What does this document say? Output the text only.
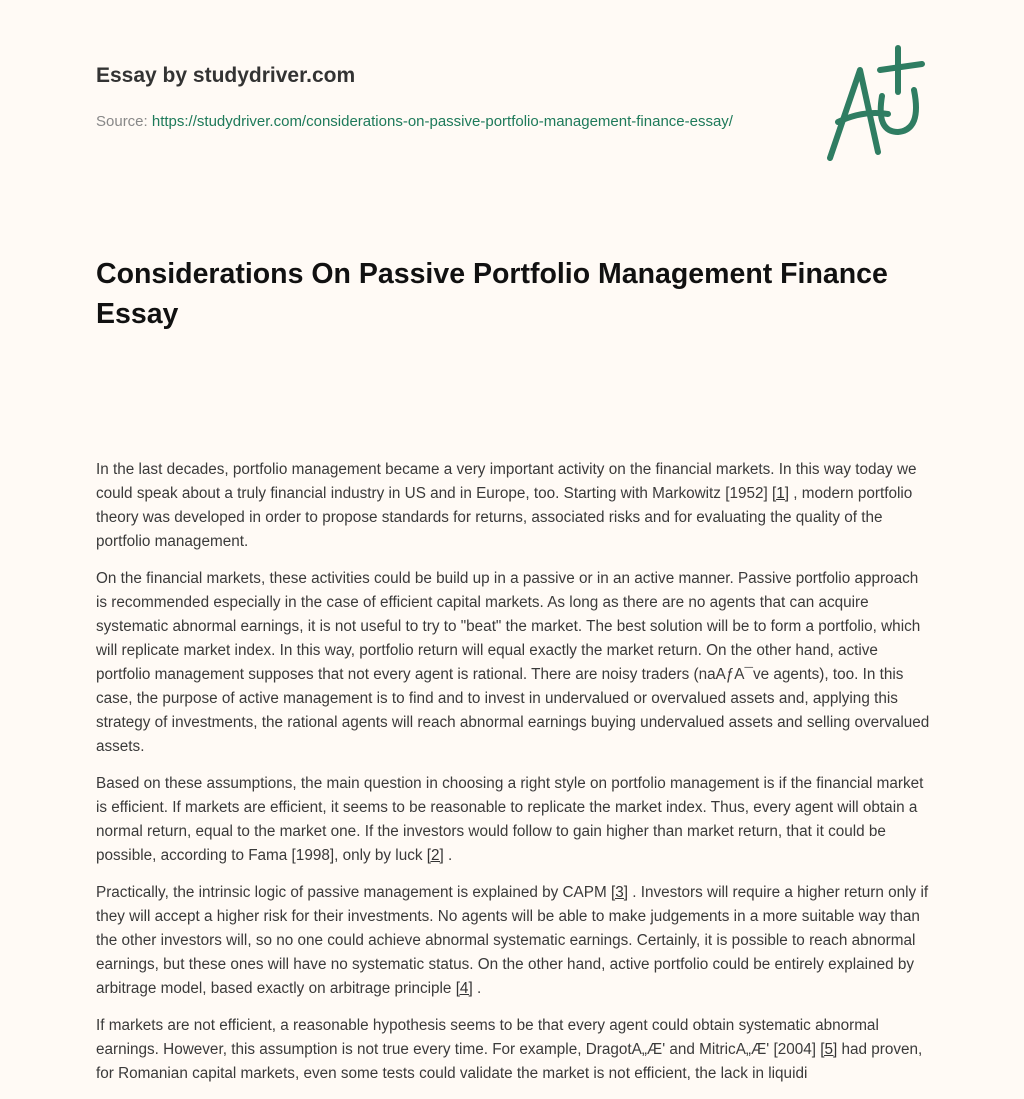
Essay by studydriver.com
Source: https://studydriver.com/considerations-on-passive-portfolio-management-finance-essay/
Considerations On Passive Portfolio Management Finance Essay

In the last decades, portfolio management became a very important activity on the financial markets. In this way today we could speak about a truly financial industry in US and in Europe, too. Starting with Markowitz [1952] [1] , modern portfolio theory was developed in order to propose standards for returns, associated risks and for evaluating the quality of the portfolio management.

On the financial markets, these activities could be build up in a passive or in an active manner. Passive portfolio approach is recommended especially in the case of efficient capital markets. As long as there are no agents that can acquire systematic abnormal earnings, it is not useful to try to "beat" the market. The best solution will be to form a portfolio, which will replicate market index. In this way, portfolio return will equal exactly the market return. On the other hand, active portfolio management supposes that not every agent is rational. There are noisy traders (naAƒA¯ve agents), too. In this case, the purpose of active management is to find and to invest in undervalued or overvalued assets and, applying this strategy of investments, the rational agents will reach abnormal earnings buying undervalued assets and selling overvalued assets.

Based on these assumptions, the main question in choosing a right style on portfolio management is if the financial market is efficient. If markets are efficient, it seems to be reasonable to replicate the market index. Thus, every agent will obtain a normal return, equal to the market one. If the investors would follow to gain higher than market return, that it could be possible, according to Fama [1998], only by luck [2] .

Practically, the intrinsic logic of passive management is explained by CAPM [3] . Investors will require a higher return only if they will accept a higher risk for their investments. No agents will be able to make judgements in a more suitable way than the other investors will, so no one could achieve abnormal systematic earnings. Certainly, it is possible to reach abnormal earnings, but these ones will have no systematic status. On the other hand, active portfolio could be entirely explained by arbitrage model, based exactly on arbitrage principle [4] .

If markets are not efficient, a reasonable hypothesis seems to be that every agent could obtain systematic abnormal earnings. However, this assumption is not true every time. For example, DragotA„Æ' and MitricA„Æ' [2004] [5] had proven, for Romanian capital markets, even some tests could validate the market is not efficient, the lack in liquidi
